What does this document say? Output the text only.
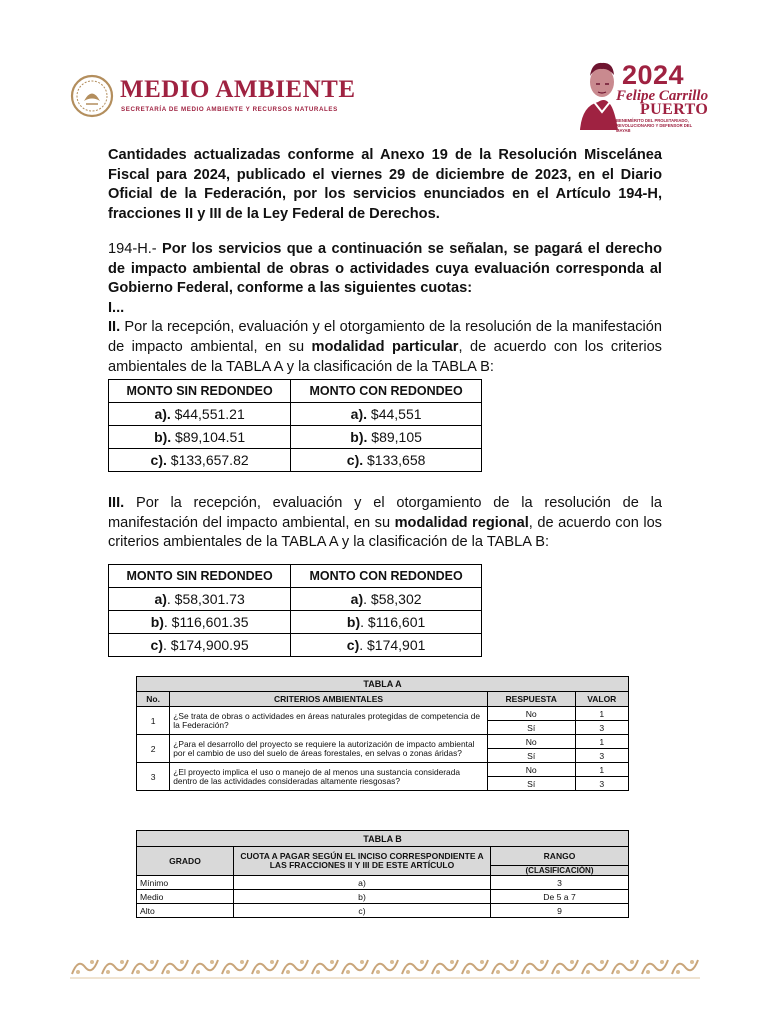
MEDIO AMBIENTE
SECRETARÍA DE MEDIO AMBIENTE Y RECURSOS NATURALES
2024
Felipe Carrillo
PUERTO
BENEMÉRITO DEL PROLETARIADO, REVOLUCIONARIO Y DEFENSOR DEL MAYAB
Cantidades actualizadas conforme al Anexo 19 de la Resolución Miscelánea Fiscal para 2024, publicado el viernes 29 de diciembre de 2023, en el Diario Oficial de la Federación, por los servicios enunciados en el Artículo 194-H, fracciones II y III de la Ley Federal de Derechos.
194-H.- Por los servicios que a continuación se señalan, se pagará el derecho de impacto ambiental de obras o actividades cuya evaluación corresponda al Gobierno Federal, conforme a las siguientes cuotas:
I...
II. Por la recepción, evaluación y el otorgamiento de la resolución de la manifestación de impacto ambiental, en su modalidad particular, de acuerdo con los criterios ambientales de la TABLA A y la clasificación de la TABLA B:
MONTO SIN REDONDEO	MONTO CON REDONDEO
a). $44,551.21	a). $44,551
b). $89,104.51	b). $89,105
c). $133,657.82	c). $133,658
III. Por la recepción, evaluación y el otorgamiento de la resolución de la manifestación del impacto ambiental, en su modalidad regional, de acuerdo con los criterios ambientales de la TABLA A y la clasificación de la TABLA B:
MONTO SIN REDONDEO	MONTO CON REDONDEO
a). $58,301.73	a). $58,302
b). $116,601.35	b). $116,601
c). $174,900.95	c). $174,901
TABLA A			
No.	CRITERIOS AMBIENTALES	RESPUESTA	VALOR
1	¿Se trata de obras o actividades en áreas naturales protegidas de competencia de la Federación?	No	1
		Sí	3
2	¿Para el desarrollo del proyecto se requiere la autorización de impacto ambiental por el cambio de uso del suelo de áreas forestales, en selvas o zonas áridas?	No	1
		Sí	3
3	¿El proyecto implica el uso o manejo de al menos una sustancia considerada dentro de las actividades consideradas altamente riesgosas?	No	1
		Sí	3
TABLA B		
GRADO	CUOTA A PAGAR SEGÚN EL INCISO CORRESPONDIENTE A LAS FRACCIONES II Y III DE ESTE ARTÍCULO	RANGO
		(CLASIFICACIÓN)
Mínimo	a)	3
Medio	b)	De 5 a 7
Alto	c)	9
